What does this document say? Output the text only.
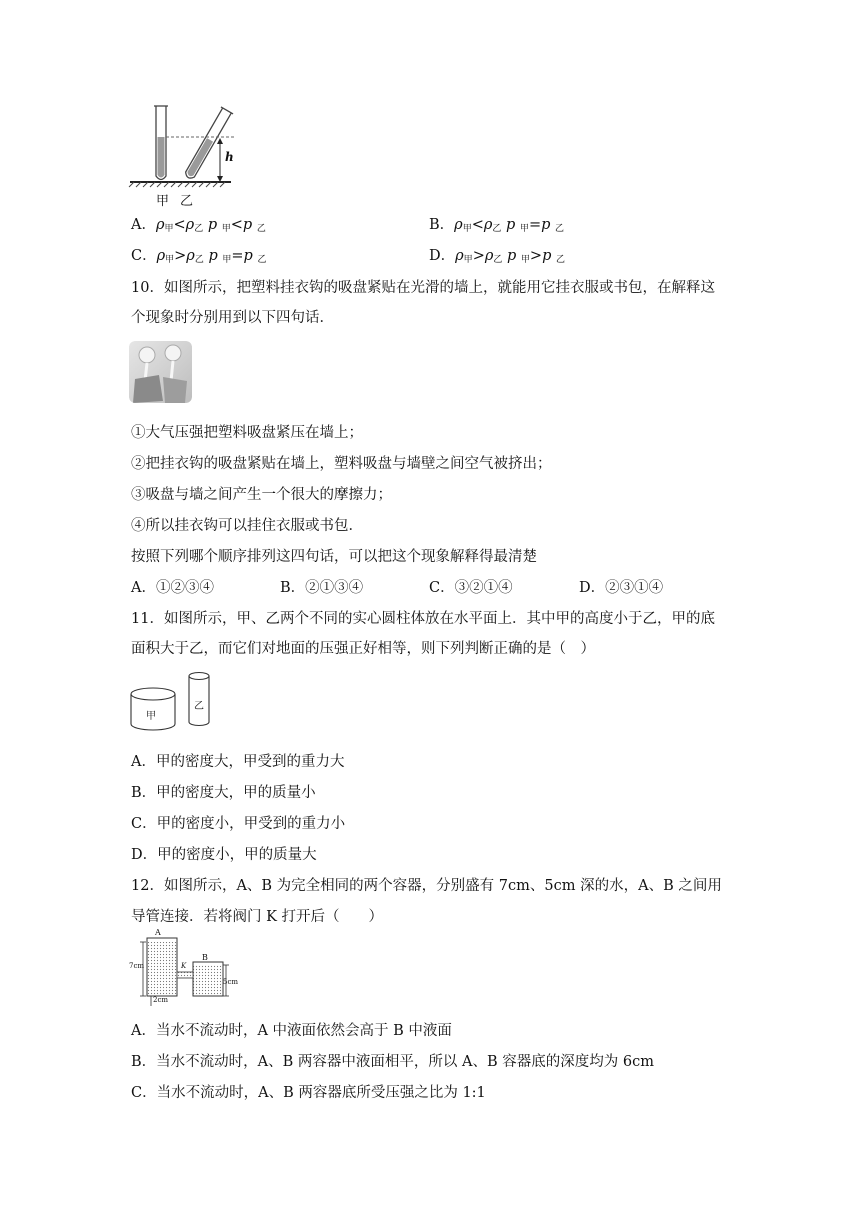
h
甲 乙
A．$\rho_甲<\rho_乙$ p $_甲$<p $_乙$	B．$\rho_甲<\rho_乙$ p $_甲$=p $_乙$
C．$\rho_甲>\rho_乙$ p $_甲$=p $_乙$	D．$\rho_甲>\rho_乙$ p $_甲$>p $_乙$
10．如图所示，把塑料挂衣钩的吸盘紧贴在光滑的墙上，就能用它挂衣服或书包，在解释这
个现象时分别用到以下四句话．
①大气压强把塑料吸盘紧压在墙上；
②把挂衣钩的吸盘紧贴在墙上，塑料吸盘与墙壁之间空气被挤出；
③吸盘与墙之间产生一个很大的摩擦力；
④所以挂衣钩可以挂住衣服或书包．
按照下列哪个顺序排列这四句话，可以把这个现象解释得最清楚
A．①②③④	B．②①③④	C．③②①④	D．②③①④
11．如图所示，甲、乙两个不同的实心圆柱体放在水平面上．其中甲的高度小于乙，甲的底
面积大于乙，而它们对地面的压强正好相等，则下列判断正确的是（　）
甲
乙
A．甲的密度大，甲受到的重力大
B．甲的密度大，甲的质量小
C．甲的密度小，甲受到的重力小
D．甲的密度小，甲的质量大
12．如图所示，A、B 为完全相同的两个容器，分别盛有 7cm、5cm 深的水，A、B 之间用
导管连接．若将阀门 K 打开后（　　）
A
B
K
7cm
5cm
2cm
A．当水不流动时，A 中液面依然会高于 B 中液面
B．当水不流动时，A、B 两容器中液面相平，所以 A、B 容器底的深度均为 6cm
C．当水不流动时，A、B 两容器底所受压强之比为 1:1
